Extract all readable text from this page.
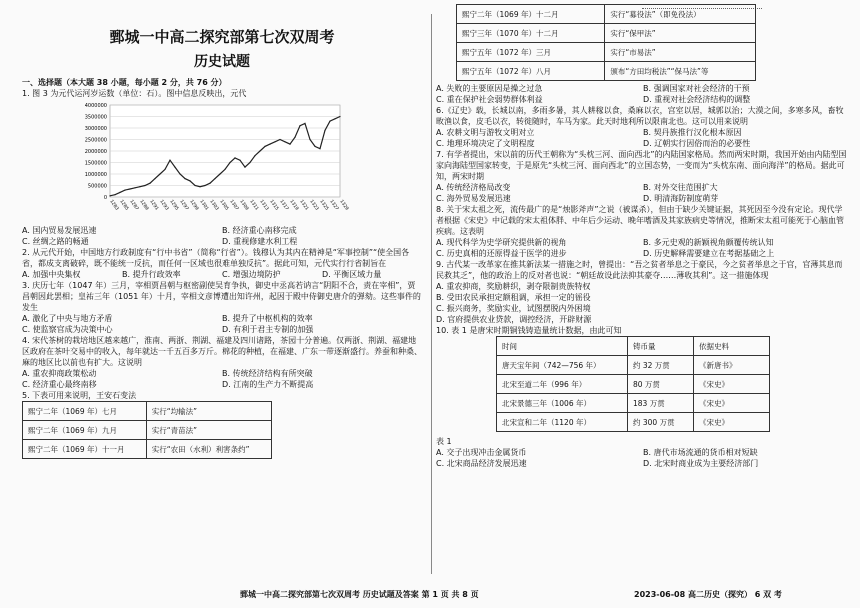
鄄城一中高二探究部第七次双周考
历史试题

一、选择题（本大题 38 小题，每小题 2 分，共 76 分）

1. 图 3 为元代运河岁运数（单位：石）。图中信息反映出，元代

4000000
3500000
3000000
2500000
2000000
1500000
1000000
500000
0
1283 1285 1287 1289 1291 1293 1295 1297 1299 1301 1303 1305 1307 1309 1311 1313 1315 1317 1319 1321 1323 1325 1327 1329
A. 国内贸易发展迅速	B. 经济重心南移完成
C. 丝绸之路的畅通	D. 重视修建水利工程

2. 从元代开始，中国地方行政制度有“行中书省”（简称“行省”）。钱穆认为其内在精神是“军事控制”“使全国各省，都成支离破碎，既不能统一反抗，而任何一区域也很难单独反抗”。据此可知，元代实行行省制旨在

A. 加强中央集权	B. 提升行政效率	C. 增强边境防护	D. 平衡区域力量

3. 庆历七年（1047 年）三月，宰相贾昌朝与枢密副使吴育争执，御史中丞高若讷言“阴阳不合，责在宰相”，贾昌朝因此罢相；皇祐三年（1051 年）十月，宰相文彦博遭出知许州，起因于殿中侍御史唐介的弹劾。这些事件的发生

A. 激化了中央与地方矛盾	B. 提升了中枢机构的效率
C. 使监察官成为决策中心	D. 有利于君主专制的加强

4. 宋代茶树的栽培地区越来越广，淮南、两浙、荆湖、福建及四川诸路，茶园十分普遍。仅两浙、荆湖、福建地区政府在茶叶交易中的收入，每年就达一千五百多万斤。棉花的种植，在福建、广东一带逐渐盛行。养蚕和种桑、麻的地区比以前也有扩大。这说明

A. 重农抑商政策松动	B. 传统经济结构有所突破
C. 经济重心最终南移	D. 江南的生产力不断提高

5. 下表可用来说明，王安石变法

熙宁二年（1069 年）七月	实行“均输法”
熙宁二年（1069 年）九月	实行“青苗法”
熙宁二年（1069 年）十一月	实行“农田（水利）利害条约”
熙宁二年（1069 年）十二月	实行“募役法”（即免役法）
熙宁三年（1070 年）十二月	实行“保甲法”
熙宁五年（1072 年）三月	实行“市易法”
熙宁五年（1072 年）八月	颁布“方田均税法”“保马法”等
A. 失败的主要原因是操之过急	B. 强调国家对社会经济的干预
C. 重在保护社会弱势群体利益	D. 重视对社会经济结构的调整

6.《辽史》载，长城以南，多雨多暑，其人耕稼以食，桑麻以衣，宫室以居，城郭以治；大漠之间，多寒多风，畜牧畋渔以食，皮毛以衣，转徙随时，车马为家。此天时地利所以限南北也。这可以用来说明

A. 农耕文明与游牧文明对立	B. 契丹族推行汉化根本原因
C. 地理环境决定了文明程度	D. 辽朝实行因俗而治的必要性

7. 有学者提出，宋以前的历代王朝称为“头枕三河、面向西北”的内陆国家格局。然而两宋时期，我国开始由内陆型国家向海陆型国家转变，于是原先“头枕三河、面向西北”的立国态势，一变而为“头枕东南、面向海洋”的格局。据此可知，两宋时期

A. 传统经济格局改变	B. 对外交往范围扩大
C. 海外贸易发展迅速	D. 明清海防制度萌芽

8. 关于宋太祖之死，流传最广的是“烛影斧声”之说（被谋杀），但由于缺少关键证据，其死因至今没有定论。现代学者根据《宋史》中记载的宋太祖体胖、中年后少运动、晚年嗜酒及其家族病史等情况，推断宋太祖可能死于心脑血管疾病。这表明

A. 现代科学为史学研究提供新的视角	B. 多元史观的新颖视角颇覆传统认知
C. 历史真相的还原得益于医学的进步	D. 历史解释需要建立在考据基础之上

9. 古代某一改革家在推其新法某一措施之时，曾提出：“吾之贫者举息之于豪民，今之贫者举息之于官，官薄其息而民救其乏”，他的政治上的反对者也说：“朝廷故设此法抑其豪夺……薄收其利”。这一措施体现

A. 重农抑商，奖励耕织，剥夺限制贵族特权

B. 受田农民承担定额租调，承担一定的徭役

C. 振兴商务，奖励实业，试图摆脱内外困境

D. 官府提供农业贷款，调控经济，开辟财源

10. 表 1 是唐宋时期铜钱铸造量统计数据，由此可知

时间	铸币量	依据史料
唐天宝年间（742—756 年）	约 32 万贯	《新唐书》
北宋至道二年（996 年）	80 万贯	《宋史》
北宋景德三年（1006 年）	183 万贯	《宋史》
北宋宣和二年（1120 年）	约 300 万贯	《宋史》

表 1

A. 交子出现冲击金属货币	B. 唐代市场流通的货币相对短缺
C. 北宋商品经济发展迅速	D. 北宋时商业成为主要经济部门
鄄城一中高二探究部第七次双周考 历史试题及答案 第 1 页 共 8 页	2023-06-08 高二历史（探究） 6 双 考
